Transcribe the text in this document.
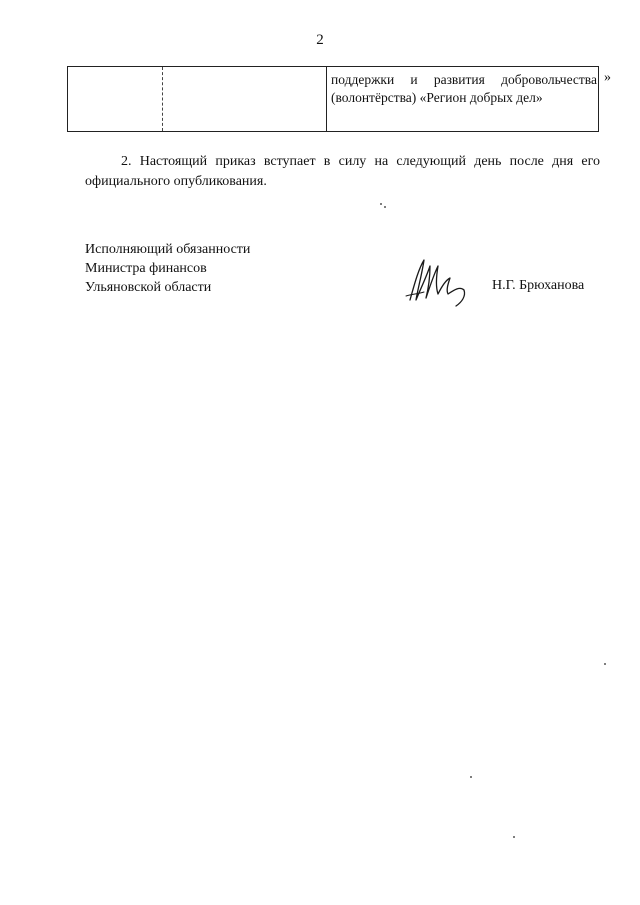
2
поддержки и развития добровольчества
(волонтёрства) «Регион добрых дел»
»
2. Настоящий приказ вступает в силу на следующий день после дня его
официального опубликования.
Исполняющий обязанности
Министра финансов
Ульяновской области	Н.Г. Брюханова
